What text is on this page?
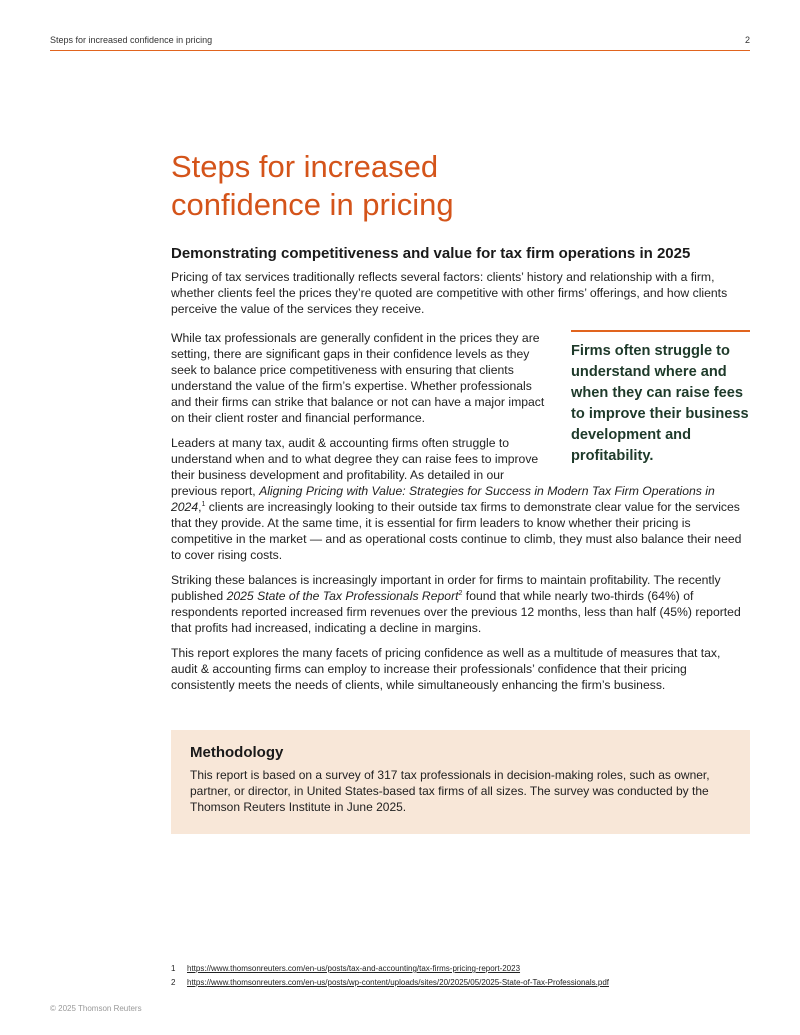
Steps for increased confidence in pricing	2
Steps for increased
confidence in pricing
Demonstrating competitiveness and value for tax firm operations in 2025

Pricing of tax services traditionally reflects several factors: clients’ history and relationship with a firm, whether clients feel the prices they’re quoted are competitive with other firms’ offerings, and how clients perceive the value of the services they receive.

Firms often struggle to understand where and when they can raise fees to improve their business development and profitability.

While tax professionals are generally confident in the prices they are setting, there are significant gaps in their confidence levels as they seek to balance price competitiveness with ensuring that clients understand the value of the firm’s expertise. Whether professionals and their firms can strike that balance or not can have a major impact on their client roster and financial performance.

Leaders at many tax, audit & accounting firms often struggle to understand when and to what degree they can raise fees to improve their business development and profitability. As detailed in our previous report, Aligning Pricing with Value: Strategies for Success in Modern Tax Firm Operations in 2024,$^1$ clients are increasingly looking to their outside tax firms to demonstrate clear value for the services that they provide. At the same time, it is essential for firm leaders to know whether their pricing is competitive in the market — and as operational costs continue to climb, they must also balance their need to cover rising costs.

Striking these balances is increasingly important in order for firms to maintain profitability. The recently published 2025 State of the Tax Professionals Report$^2$ found that while nearly two-thirds (64%) of respondents reported increased firm revenues over the previous 12 months, less than half (45%) reported that profits had increased, indicating a decline in margins.

This report explores the many facets of pricing confidence as well as a multitude of measures that tax, audit & accounting firms can employ to increase their professionals’ confidence that their pricing consistently meets the needs of clients, while simultaneously enhancing the firm’s business.

Methodology

This report is based on a survey of 317 tax professionals in decision-making roles, such as owner, partner, or director, in United States-based tax firms of all sizes. The survey was conducted by the Thomson Reuters Institute in June 2025.

1 https://www.thomsonreuters.com/en-us/posts/tax-and-accounting/tax-firms-pricing-report-2023
2 https://www.thomsonreuters.com/en-us/posts/wp-content/uploads/sites/20/2025/05/2025-State-of-Tax-Professionals.pdf
© 2025 Thomson Reuters
